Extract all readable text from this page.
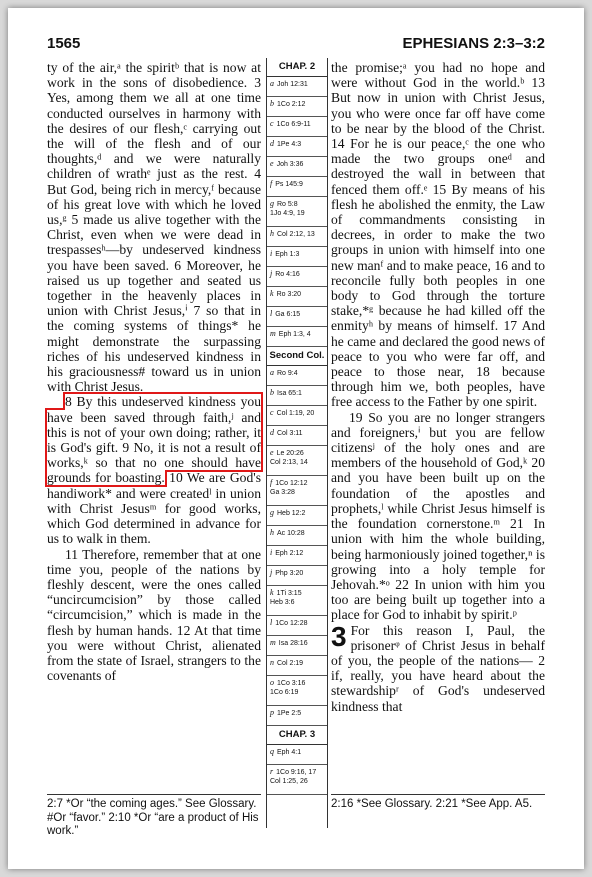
1565	EPHESIANS 2:3–3:2

ty of the air,ᵃ the spiritᵇ that is now at work in the sons of disobedience. 3 Yes, among them we all at one time conducted ourselves in harmony with the desires of our flesh,ᶜ carrying out the will of the flesh and of our thoughts,ᵈ and we were naturally children of wrathᵉ just as the rest. 4 But God, being rich in mercy,ᶠ because of his great love with which he loved us,ᵍ 5 made us alive together with the Christ, even when we were dead in trespassesʰ—by undeserved kindness you have been saved. 6 Moreover, he raised us up together and seated us together in the heavenly places in union with Christ Jesus,ⁱ 7 so that in the coming systems of things* he might demonstrate the surpassing riches of his undeserved kindness in his graciousness# toward us in union with Christ Jesus.

8 By this undeserved kindness you have been saved through faith,ʲ and this is not of your own doing; rather, it is God's gift. 9 No, it is not a result of works,ᵏ so that no one should have grounds for boasting. 10 We are God's handiwork* and were createdˡ in union with Christ Jesusᵐ for good works, which God determined in advance for us to walk in them.

11 Therefore, remember that at one time you, people of the nations by fleshly descent, were the ones called “uncircumcision” by those called “circumcision,” which is made in the flesh by human hands. 12 At that time you were without Christ, alienated from the state of Israel, strangers to the covenants of

CHAP. 2
a Joh 12:31
b 1Co 2:12
c 1Co 6:9-11
d 1Pe 4:3
e Joh 3:36
f Ps 145:9
g Ro 5:8
1Jo 4:9, 19
h Col 2:12, 13
i Eph 1:3
j Ro 4:16
k Ro 3:20
l Ga 6:15
m Eph 1:3, 4
Second Col.
a Ro 9:4
b Isa 65:1
c Col 1:19, 20
d Col 3:11
e Le 20:26
Col 2:13, 14
f 1Co 12:12
Ga 3:28
g Heb 12:2
h Ac 10:28
i Eph 2:12
j Php 3:20
k 1Ti 3:15
Heb 3:6
l 1Co 12:28
m Isa 28:16
n Col 2:19
o 1Co 3:16
1Co 6:19
p 1Pe 2:5
CHAP. 3
q Eph 4:1
r 1Co 9:16, 17
Col 1:25, 26

the promise;ᵃ you had no hope and were without God in the world.ᵇ 13 But now in union with Christ Jesus, you who were once far off have come to be near by the blood of the Christ. 14 For he is our peace,ᶜ the one who made the two groups oneᵈ and destroyed the wall in between that fenced them off.ᵉ 15 By means of his flesh he abolished the enmity, the Law of commandments consisting in decrees, in order to make the two groups in union with himself into one new manᶠ and to make peace, 16 and to reconcile fully both peoples in one body to God through the torture stake,*ᵍ because he had killed off the enmityʰ by means of himself. 17 And he came and declared the good news of peace to you who were far off, and peace to those near, 18 because through him we, both peoples, have free access to the Father by one spirit.

19 So you are no longer strangers and foreigners,ⁱ but you are fellow citizensʲ of the holy ones and are members of the household of God,ᵏ 20 and you have been built up on the foundation of the apostles and prophets,ˡ while Christ Jesus himself is the foundation cornerstone.ᵐ 21 In union with him the whole building, being harmoniously joined together,ⁿ is growing into a holy temple for Jehovah.*ᵒ 22 In union with him you too are being built up together into a place for God to inhabit by spirit.ᵖ

3 For this reason I, Paul, the prisonerᵠ of Christ Jesus in behalf of you, the people of the nations— 2 if, really, you have heard about the stewardshipʳ of God's undeserved kindness that

2:7 *Or “the coming ages.” See Glossary. #Or “favor.” 2:10 *Or “are a product of His work.”
2:16 *See Glossary. 2:21 *See App. A5.
